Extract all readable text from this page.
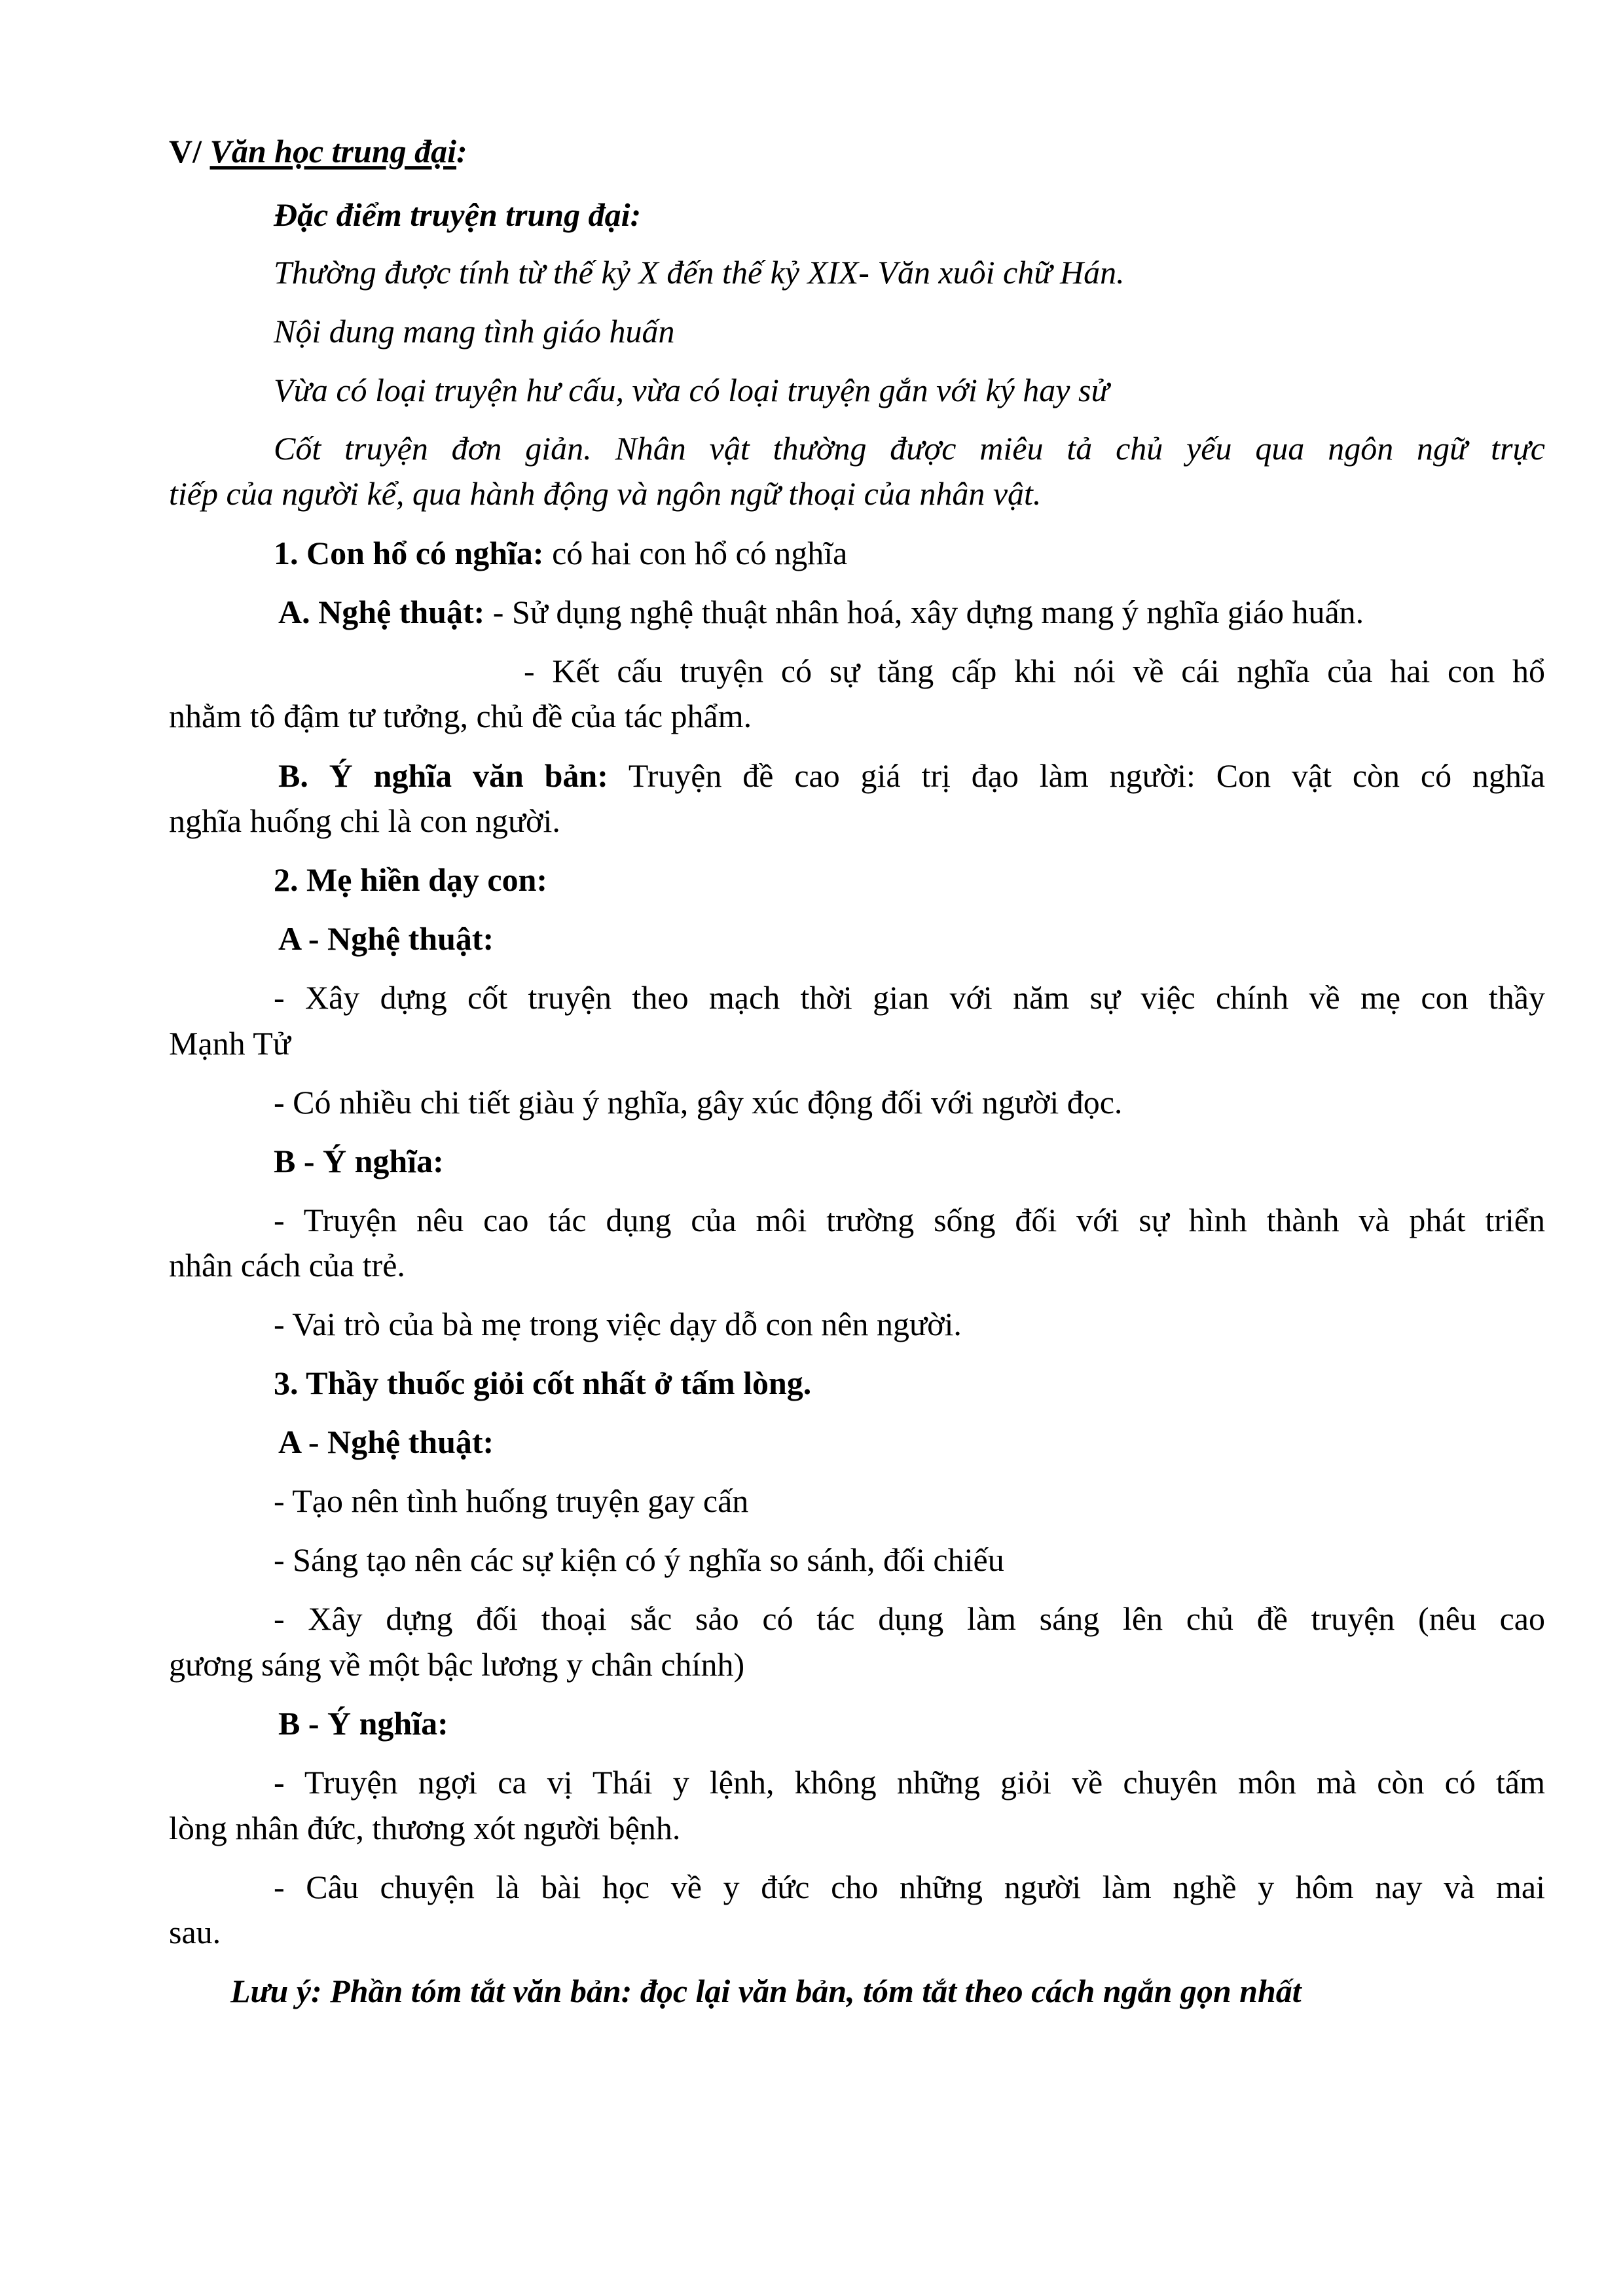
V/ Văn học trung đại:
Đặc điểm truyện trung đại:
Thường được tính từ thế kỷ X đến thế kỷ XIX- Văn xuôi chữ Hán.
Nội dung mang tình giáo huấn
Vừa có loại truyện hư cấu, vừa có loại truyện gắn với ký hay sử
Cốt truyện đơn giản. Nhân vật thường được miêu tả chủ yếu qua ngôn ngữ trực
tiếp của người kể, qua hành động và ngôn ngữ thoại của nhân vật.
1. Con hổ có nghĩa: có hai con hổ có nghĩa
A. Nghệ thuật: - Sử dụng nghệ thuật nhân hoá, xây dựng mang ý nghĩa giáo huấn.
- Kết cấu truyện có sự tăng cấp khi nói về cái nghĩa của hai con hổ
nhằm tô đậm tư tưởng, chủ đề của tác phẩm.
B. Ý nghĩa văn bản: Truyện đề cao giá trị đạo làm người: Con vật còn có nghĩa
nghĩa huống chi là con người.
2. Mẹ hiền dạy con:
A - Nghệ thuật:
- Xây dựng cốt truyện theo mạch thời gian với năm sự việc chính về mẹ con thầy
Mạnh Tử
- Có nhiều chi tiết giàu ý nghĩa, gây xúc động đối với người đọc.
B - Ý nghĩa:
- Truyện nêu cao tác dụng của môi trường sống đối với sự hình thành và phát triển
nhân cách của trẻ.
- Vai trò của bà mẹ trong việc dạy dỗ con nên người.
3. Thầy thuốc giỏi cốt nhất ở tấm lòng.
A - Nghệ thuật:
- Tạo nên tình huống truyện gay cấn
- Sáng tạo nên các sự kiện có ý nghĩa so sánh, đối chiếu
- Xây dựng đối thoại sắc sảo có tác dụng làm sáng lên chủ đề truyện (nêu cao
gương sáng về một bậc lương y chân chính)
B - Ý nghĩa:
- Truyện ngợi ca vị Thái y lệnh, không những giỏi về chuyên môn mà còn có tấm
lòng nhân đức, thương xót người bệnh.
- Câu chuyện là bài học về y đức cho những người làm nghề y hôm nay và mai
sau.
Lưu ý: Phần tóm tắt văn bản: đọc lại văn bản, tóm tắt theo cách ngắn gọn nhất
